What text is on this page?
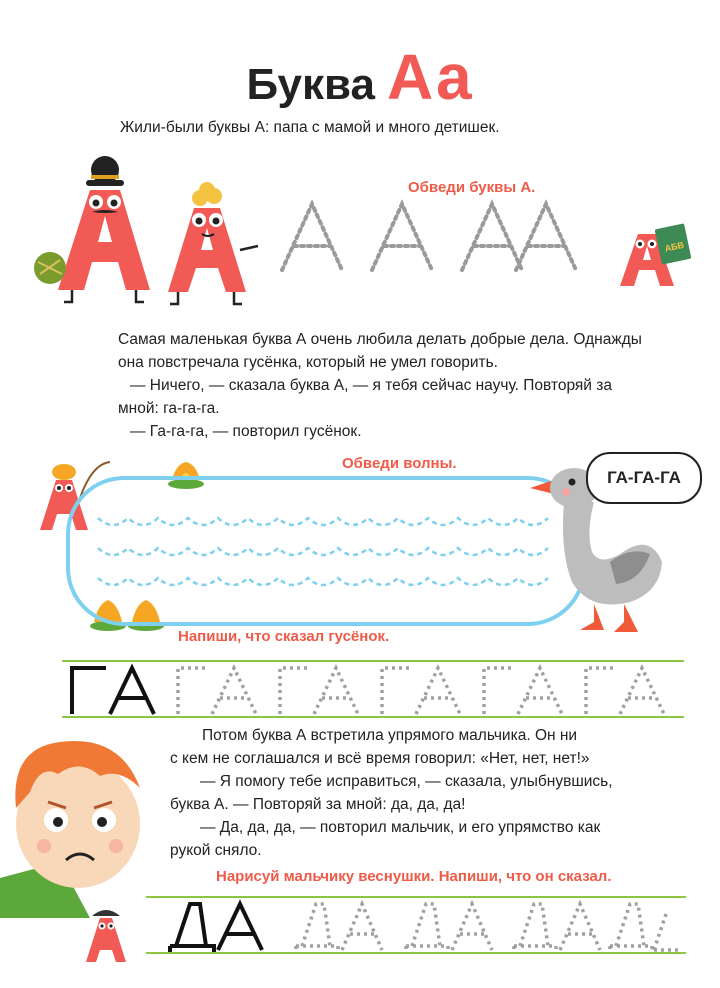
Буква Аа
Жили-были буквы А: папа с мамой и много детишек.
Обведи буквы А.
АБВ
Самая маленькая буква А очень любила делать добрые дела. Однажды
она повстречала гусёнка, который не умел говорить.
— Ничего, — сказала буква А, — я тебя сейчас научу. Повторяй за
мной: га-га-га.
— Га-га-га, — повторил гусёнок.
Обведи волны.
ГА-ГА-ГА
Напиши, что сказал гусёнок.
Потом буква А встретила упрямого мальчика. Он ни
с кем не соглашался и всё время говорил: «Нет, нет, нет!»
— Я помогу тебе исправиться, — сказала, улыбнувшись,
буква А. — Повторяй за мной: да, да, да!
— Да, да, да, — повторил мальчик, и его упрямство как
рукой сняло.
Нарисуй мальчику веснушки. Напиши, что он сказал.
